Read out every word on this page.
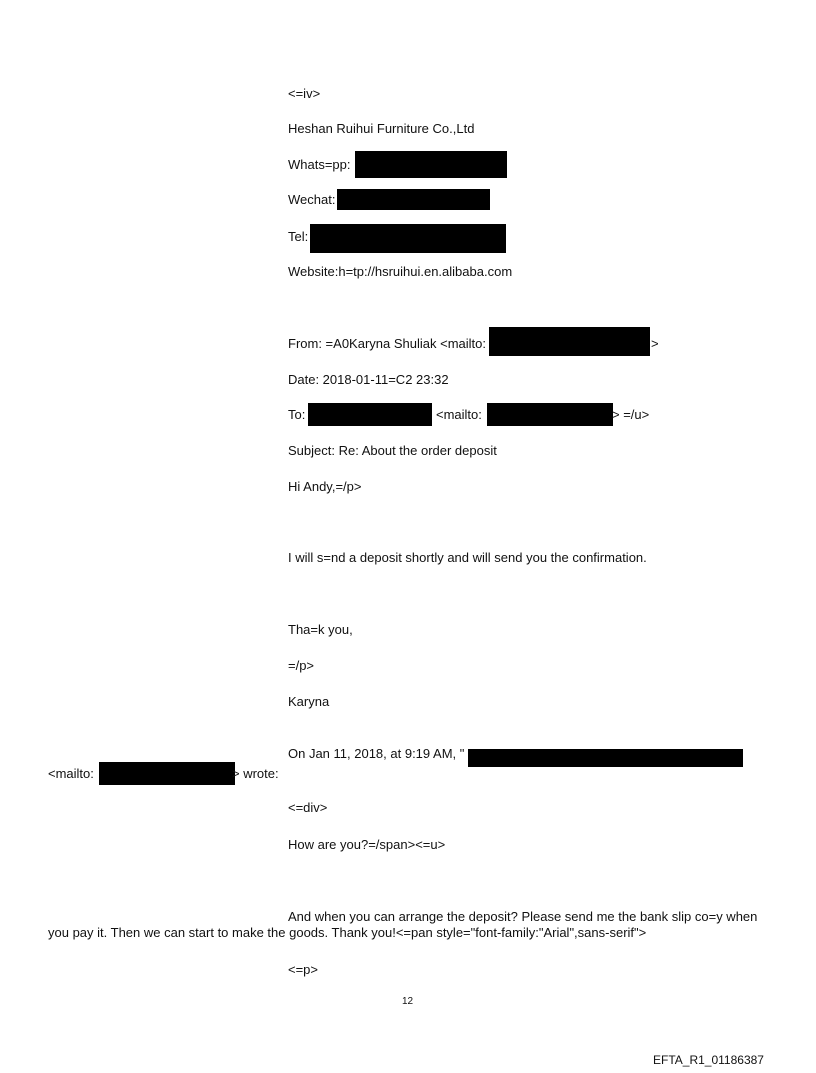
<=iv>
Heshan Ruihui Furniture Co.,Ltd
Whats=pp:
Wechat:
Tel:
Website:h=tp://hsruihui.en.alibaba.com
From: =A0Karyna Shuliak <mailto:	>
Date: 2018-01-11=C2 23:32
To:	<mailto:	> =/u>
Subject: Re: About the order deposit
Hi Andy,=/p>
I will s=nd a deposit shortly and will send you the confirmation.
Tha=k you,
=/p>
Karyna
On Jan 11, 2018, at 9:19 AM, "
<mailto:	> wrote:
<=div>
How are you?=/span><=u>
And when you can arrange the deposit? Please send me the bank slip co=y when
you pay it. Then we can start to make the goods. Thank you!<=pan style="font-family:"Arial",sans-serif">
<=p>
12
EFTA_R1_01186387
